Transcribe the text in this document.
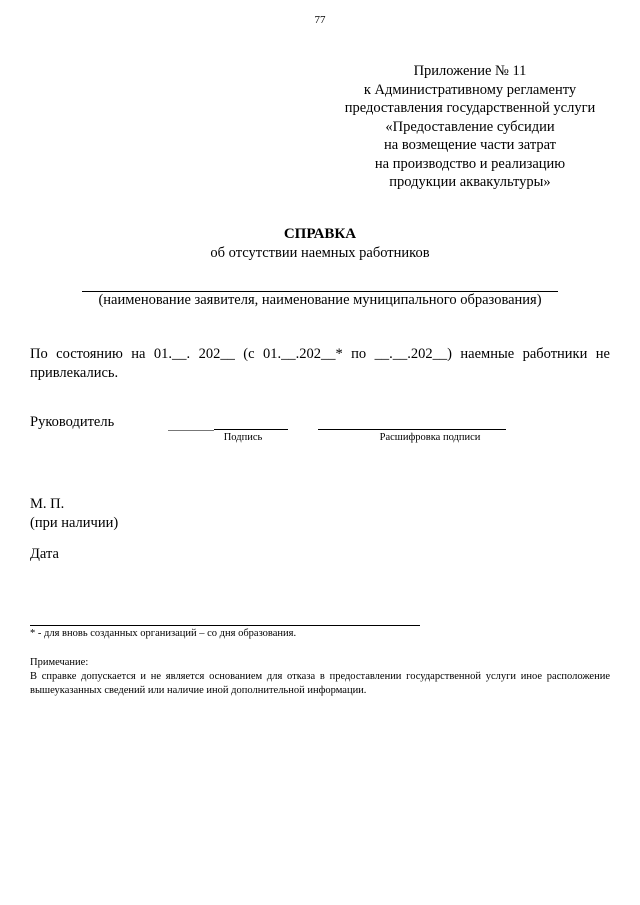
77
Приложение № 11
к Административному регламенту
предоставления государственной услуги
«Предоставление субсидии
на возмещение части затрат
на производство и реализацию
продукции аквакультуры»
СПРАВКА
об отсутствии наемных работников
(наименование заявителя, наименование муниципального образования)
По состоянию на 01.__. 202__ (с 01.__.202__* по __.__.202__) наемные работники не привлекались.
Руководитель
Подпись	Расшифровка подписи
М. П.
(при наличии)
Дата
* - для вновь созданных организаций – со дня образования.
Примечание:
В справке допускается и не является основанием для отказа в предоставлении государственной услуги иное расположение вышеуказанных сведений или наличие иной дополнительной информации.
